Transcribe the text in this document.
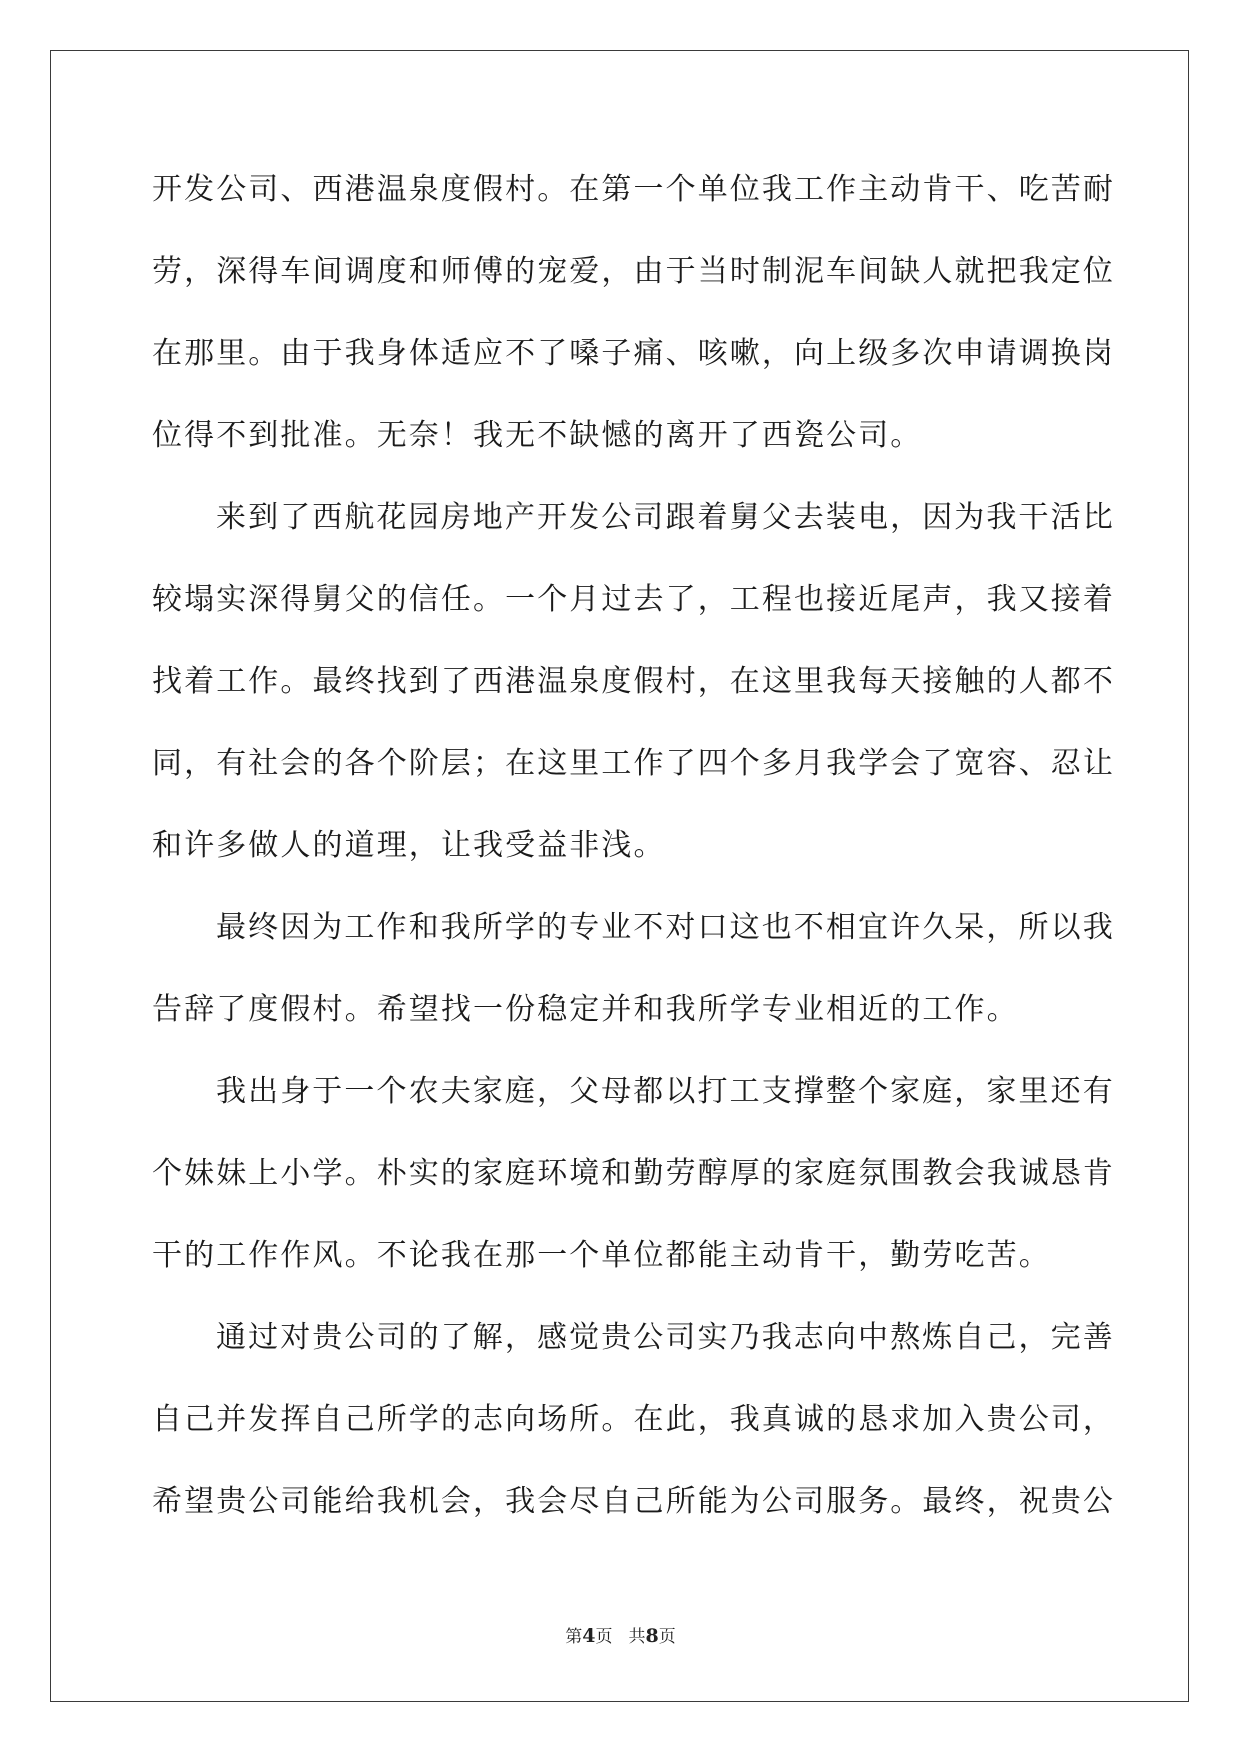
开发公司、西港温泉度假村。在第一个单位我工作主动肯干、吃苦耐
劳，深得车间调度和师傅的宠爱，由于当时制泥车间缺人就把我定位
在那里。由于我身体适应不了嗓子痛、咳嗽，向上级多次申请调换岗
位得不到批准。无奈！我无不缺憾的离开了西瓷公司。
来到了西航花园房地产开发公司跟着舅父去装电，因为我干活比
较塌实深得舅父的信任。一个月过去了，工程也接近尾声，我又接着
找着工作。最终找到了西港温泉度假村，在这里我每天接触的人都不
同，有社会的各个阶层；在这里工作了四个多月我学会了宽容、忍让
和许多做人的道理，让我受益非浅。
最终因为工作和我所学的专业不对口这也不相宜许久呆，所以我
告辞了度假村。希望找一份稳定并和我所学专业相近的工作。
我出身于一个农夫家庭，父母都以打工支撑整个家庭，家里还有
个妹妹上小学。朴实的家庭环境和勤劳醇厚的家庭氛围教会我诚恳肯
干的工作作风。不论我在那一个单位都能主动肯干，勤劳吃苦。
通过对贵公司的了解，感觉贵公司实乃我志向中熬炼自己，完善
自己并发挥自己所学的志向场所。在此，我真诚的恳求加入贵公司，
希望贵公司能给我机会，我会尽自己所能为公司服务。最终，祝贵公
第4页 共8页
